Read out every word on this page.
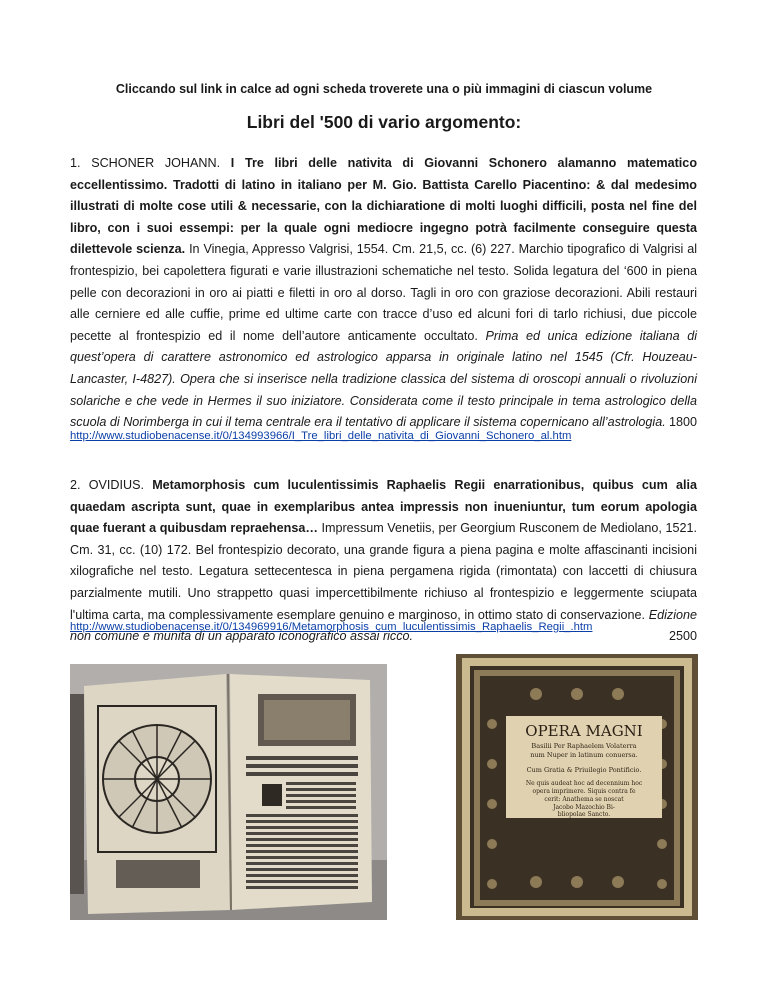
Cliccando sul link in calce ad ogni scheda troverete una o più immagini di ciascun volume
Libri del '500 di vario argomento:
1. SCHONER JOHANN. I Tre libri delle nativita di Giovanni Schonero alamanno matematico eccellentissimo. Tradotti di latino in italiano per M. Gio. Battista Carello Piacentino: & dal medesimo illustrati di molte cose utili & necessarie, con la dichiaratione di molti luoghi difficili, posta nel fine del libro, con i suoi essempi: per la quale ogni mediocre ingegno potrà facilmente conseguire questa dilettevole scienza. In Vinegia, Appresso Valgrisi, 1554. Cm. 21,5, cc. (6) 227. Marchio tipografico di Valgrisi al frontespizio, bei capolettera figurati e varie illustrazioni schematiche nel testo. Solida legatura del ‘600 in piena pelle con decorazioni in oro ai piatti e filetti in oro al dorso. Tagli in oro con graziose decorazioni. Abili restauri alle cerniere ed alle cuffie, prime ed ultime carte con tracce d’uso ed alcuni fori di tarlo richiusi, due piccole pecette al frontespizio ed il nome dell’autore anticamente occultato. Prima ed unica edizione italiana di quest’opera di carattere astronomico ed astrologico apparsa in originale latino nel 1545 (Cfr. Houzeau-Lancaster, I-4827). Opera che si inserisce nella tradizione classica del sistema di oroscopi annuali o rivoluzioni solariche e che vede in Hermes il suo iniziatore. Considerata come il testo principale in tema astrologico della scuola di Norimberga in cui il tema centrale era il tentativo di applicare il sistema copernicano all’astrologia. 1800
http://www.studiobenacense.it/0/134993966/I_Tre_libri_delle_nativita_di_Giovanni_Schonero_al.htm
2. OVIDIUS. Metamorphosis cum luculentissimis Raphaelis Regii enarrationibus, quibus cum alia quaedam ascripta sunt, quae in exemplaribus antea impressis non inueniuntur, tum eorum apologia quae fuerant a quibusdam repraehensa… Impressum Venetiis, per Georgium Rusconem de Mediolano, 1521. Cm. 31, cc. (10) 172. Bel frontespizio decorato, una grande figura a piena pagina e molte affascinanti incisioni xilografiche nel testo. Legatura settecentesca in piena pergamena rigida (rimontata) con laccetti di chiusura parzialmente mutili. Uno strappetto quasi impercettibilmente richiuso al frontespizio e leggermente sciupata l'ultima carta, ma complessivamente esemplare genuino e marginoso, in ottimo stato di conservazione. Edizione non comune e munita di un apparato iconografico assai ricco.	2500
http://www.studiobenacense.it/0/134969916/Metamorphosis_cum_luculentissimis_Raphaelis_Regii_.htm
OPERA MAGNI
Basilii Per Raphaelem Volaterra
num Nuper in latinum conuersa.
Cum Gratia & Priuilegio Pontificio.
Ne quis audeat hoc ad decennium hoc
opera imprimere. Siquis contra fe
cerit: Anathema se noscat
Jacobo Mazochio Bi-
bliopolae Sancto.
